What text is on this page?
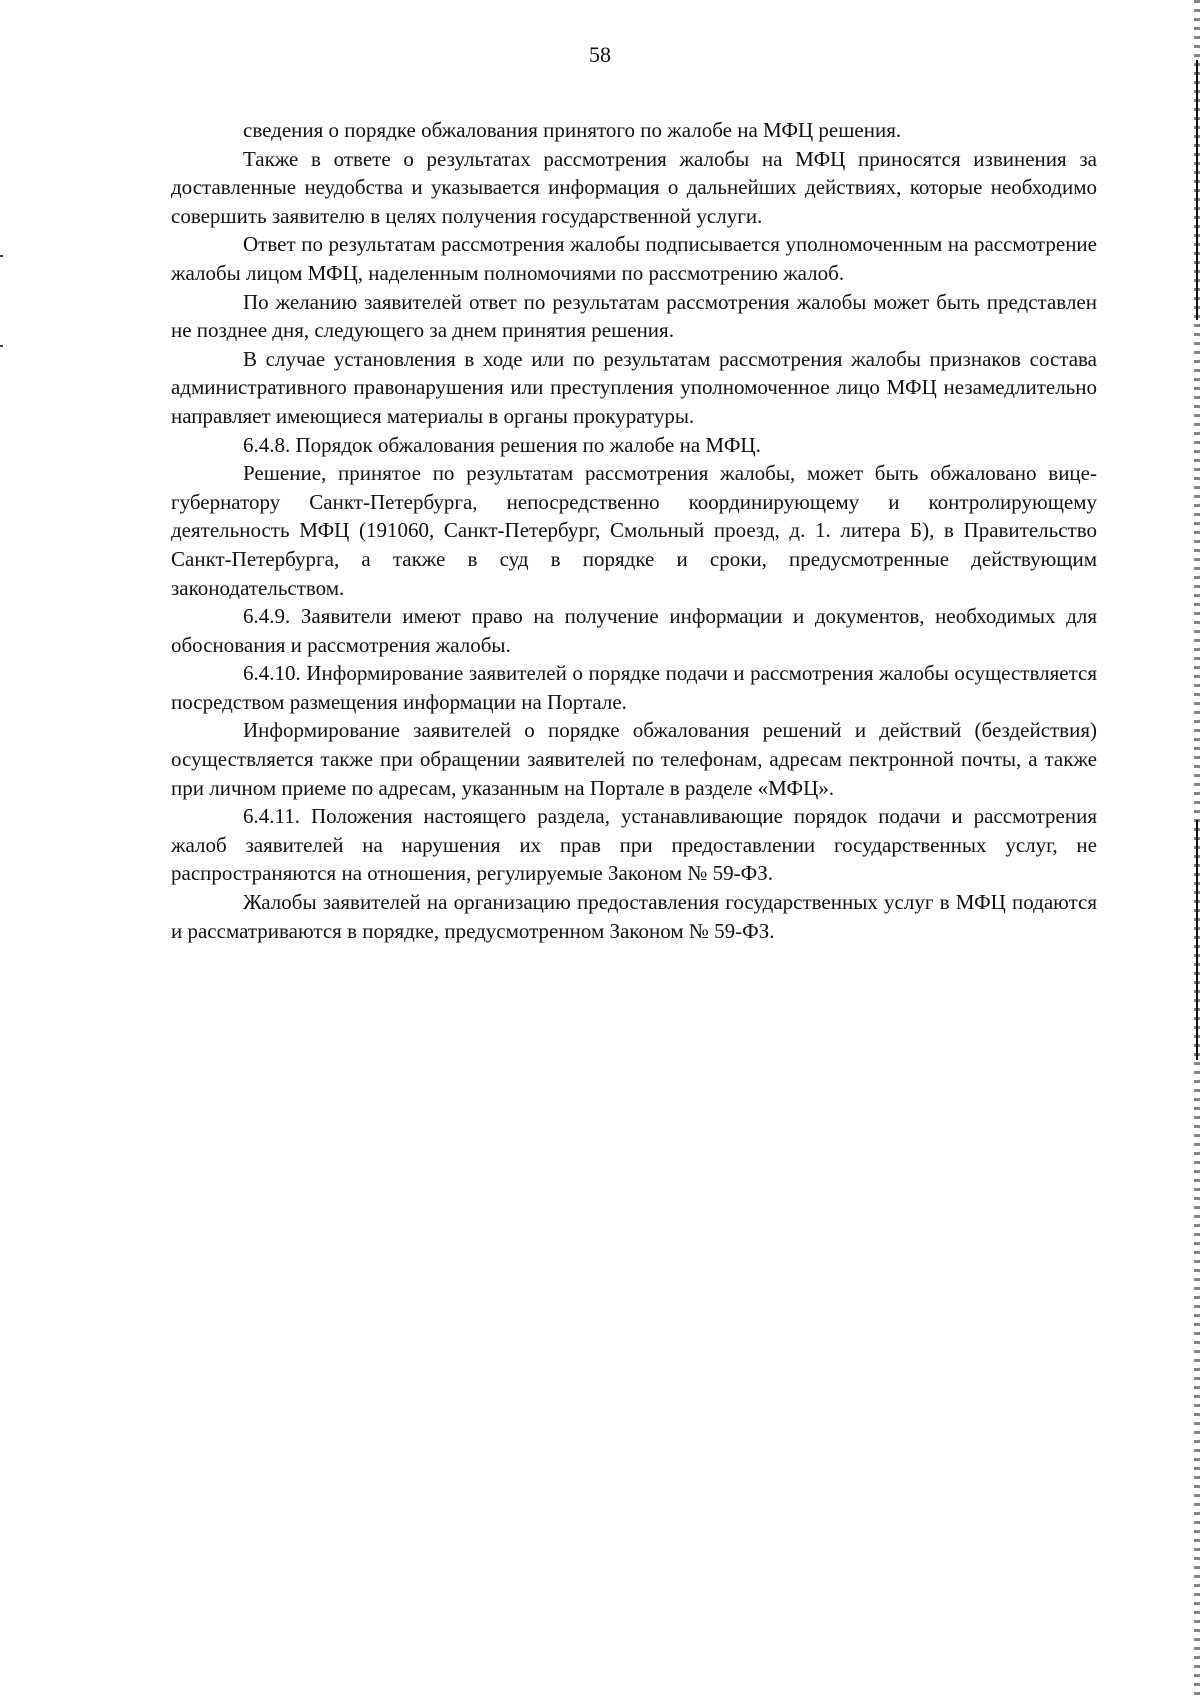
58

сведения о порядке обжалования принятого по жалобе на МФЦ решения.

Также в ответе о результатах рассмотрения жалобы на МФЦ приносятся извинения за доставленные неудобства и указывается информация о дальнейших действиях, которые необходимо совершить заявителю в целях получения государственной услуги.

Ответ по результатам рассмотрения жалобы подписывается уполномоченным на рассмотрение жалобы лицом МФЦ, наделенным полномочиями по рассмотрению жалоб.

По желанию заявителей ответ по результатам рассмотрения жалобы может быть представлен не позднее дня, следующего за днем принятия решения.

В случае установления в ходе или по результатам рассмотрения жалобы признаков состава административного правонарушения или преступления уполномоченное лицо МФЦ незамедлительно направляет имеющиеся материалы в органы прокуратуры.

6.4.8. Порядок обжалования решения по жалобе на МФЦ.

Решение, принятое по результатам рассмотрения жалобы, может быть обжаловано вице-губернатору Санкт-Петербурга, непосредственно координирующему и контролирующему деятельность МФЦ (191060, Санкт-Петербург, Смольный проезд, д. 1. литера Б), в Правительство Санкт-Петербурга, а также в суд в порядке и сроки, предусмотренные действующим законодательством.

6.4.9. Заявители имеют право на получение информации и документов, необходимых для обоснования и рассмотрения жалобы.

6.4.10. Информирование заявителей о порядке подачи и рассмотрения жалобы осуществляется посредством размещения информации на Портале.

Информирование заявителей о порядке обжалования решений и действий (бездействия) осуществляется также при обращении заявителей по телефонам, адресам пектронной почты, а также при личном приеме по адресам, указанным на Портале в разделе «МФЦ».

6.4.11. Положения настоящего раздела, устанавливающие порядок подачи и рассмотрения жалоб заявителей на нарушения их прав при предоставлении государственных услуг, не распространяются на отношения, регулируемые Законом № 59-ФЗ.

Жалобы заявителей на организацию предоставления государственных услуг в МФЦ подаются и рассматриваются в порядке, предусмотренном Законом № 59-ФЗ.
